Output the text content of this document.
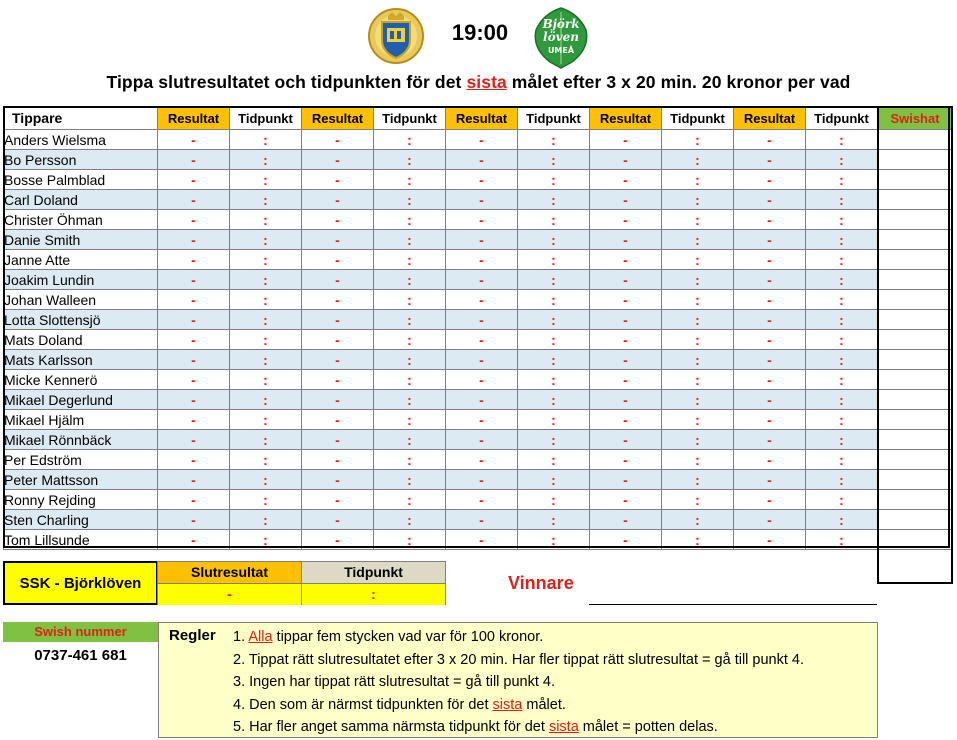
19:00	Björk
löven
UMEÅ
Tippa slutresultatet och tidpunkten för det sista målet efter 3 x 20 min. 20 kronor per vad
Tippare	Resultat	Tidpunkt	Resultat	Tidpunkt	Resultat	Tidpunkt	Resultat	Tidpunkt	Resultat	Tidpunkt	Swishat
Anders Wielsma	-	:	-	:	-	:	-	:	-	:	
Bo Persson	-	:	-	:	-	:	-	:	-	:	
Bosse Palmblad	-	:	-	:	-	:	-	:	-	:	
Carl Doland	-	:	-	:	-	:	-	:	-	:	
Christer Öhman	-	:	-	:	-	:	-	:	-	:	
Danie Smith	-	:	-	:	-	:	-	:	-	:	
Janne Atte	-	:	-	:	-	:	-	:	-	:	
Joakim Lundin	-	:	-	:	-	:	-	:	-	:	
Johan Walleen	-	:	-	:	-	:	-	:	-	:	
Lotta Slottensjö	-	:	-	:	-	:	-	:	-	:	
Mats Doland	-	:	-	:	-	:	-	:	-	:	
Mats Karlsson	-	:	-	:	-	:	-	:	-	:	
Micke Kennerö	-	:	-	:	-	:	-	:	-	:	
Mikael Degerlund	-	:	-	:	-	:	-	:	-	:	
Mikael Hjälm	-	:	-	:	-	:	-	:	-	:	
Mikael Rönnbäck	-	:	-	:	-	:	-	:	-	:	
Per Edström	-	:	-	:	-	:	-	:	-	:	
Peter Mattsson	-	:	-	:	-	:	-	:	-	:	
Ronny Rejding	-	:	-	:	-	:	-	:	-	:	
Sten Charling	-	:	-	:	-	:	-	:	-	:	
Tom Lillsunde	-	:	-	:	-	:	-	:	-	:	
SSK - Björklöven
Slutresultat
-
Tidpunkt
:
Vinnare
Swish nummer
0737-461 681
Regler 1. Alla tippar fem stycken vad var för 100 kronor.
2. Tippat rätt slutresultatet efter 3 x 20 min. Har fler tippat rätt slutresultat = gå till punkt 4.
3. Ingen har tippat rätt slutresultat = gå till punkt 4.
4. Den som är närmst tidpunkten för det sista målet.
5. Har fler anget samma närmsta tidpunkt för det sista målet = potten delas.
